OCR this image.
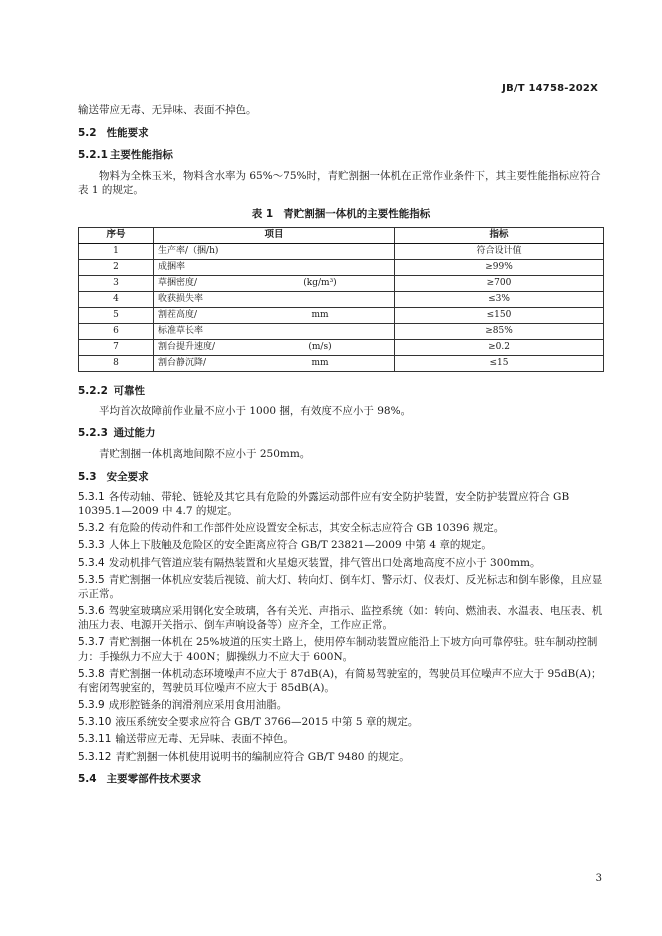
JB/T 14758-202X

输送带应无毒、无异味、表面不掉色。

5.2 性能要求
5.2.1 主要性能指标

物料为全株玉米，物料含水率为 65%～75%时，青贮割捆一体机在正常作业条件下，其主要性能指标应符合表 1 的规定。

表 1 青贮割捆一体机的主要性能指标
序号	项目	指标
1	生产率/（捆/h)	符合设计值
2	成捆率	≥99%
3	草捆密度/ (kg/m³)	≥700
4	收获损失率	≤3%
5	割茬高度/ mm	≤150
6	标准草长率	≥85%
7	割台提升速度/ (m/s)	≥0.2
8	割台静沉降/ mm	≤15
5.2.2 可靠性

平均首次故障前作业量不应小于 1000 捆，有效度不应小于 98%。

5.2.3 通过能力

青贮割捆一体机离地间隙不应小于 250mm。

5.3 安全要求

5.3.1 各传动轴、带轮、链轮及其它具有危险的外露运动部件应有安全防护装置，安全防护装置应符合 GB 10395.1—2009 中 4.7 的规定。

5.3.2 有危险的传动件和工作部件处应设置安全标志，其安全标志应符合 GB 10396 规定。

5.3.3 人体上下肢触及危险区的安全距离应符合 GB/T 23821—2009 中第 4 章的规定。

5.3.4 发动机排气管道应装有隔热装置和火星熄灭装置，排气管出口处离地高度不应小于 300mm。

5.3.5 青贮割捆一体机应安装后视镜、前大灯、转向灯、倒车灯、警示灯、仪表灯、反光标志和倒车影像，且应显示正常。

5.3.6 驾驶室玻璃应采用钢化安全玻璃，各有关光、声指示、监控系统（如：转向、燃油表、水温表、电压表、机油压力表、电源开关指示、倒车声响设备等）应齐全，工作应正常。

5.3.7 青贮割捆一体机在 25%坡道的压实土路上，使用停车制动装置应能沿上下坡方向可靠停驻。驻车制动控制力：手操纵力不应大于 400N；脚操纵力不应大于 600N。

5.3.8 青贮割捆一体机动态环境噪声不应大于 87dB(A)，有简易驾驶室的，驾驶员耳位噪声不应大于 95dB(A)；有密闭驾驶室的，驾驶员耳位噪声不应大于 85dB(A)。

5.3.9 成形腔链条的润滑剂应采用食用油脂。

5.3.10 液压系统安全要求应符合 GB/T 3766—2015 中第 5 章的规定。

5.3.11 输送带应无毒、无异味、表面不掉色。

5.3.12 青贮割捆一体机使用说明书的编制应符合 GB/T 9480 的规定。

5.4 主要零部件技术要求
3
